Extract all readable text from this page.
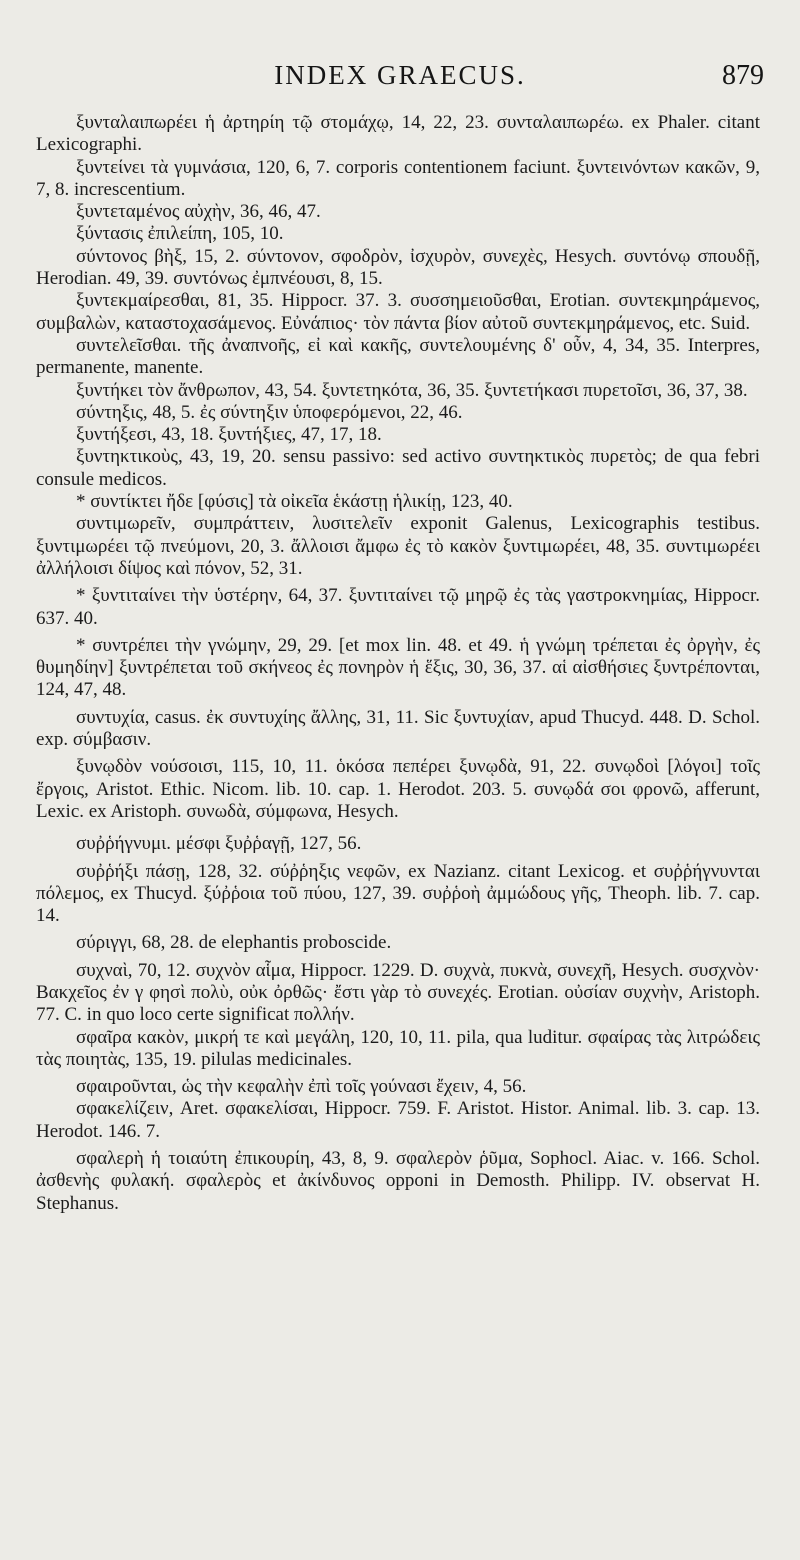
INDEX GRAECUS.	879

ξυνταλαιπωρέει ἡ ἀρτηρίη τῷ στομάχῳ, 14, 22, 23. συνταλαιπωρέω. ex Phaler. citant Lexicographi.

ξυντείνει τὰ γυμνάσια, 120, 6, 7. corporis contentionem faciunt. ξυντεινόντων κακῶν, 9, 7, 8. increscentium.

ξυντεταμένος αὐχὴν, 36, 46, 47.

ξύντασις ἐπιλείπη, 105, 10.

σύντονος βὴξ, 15, 2. σύντονον, σφοδρὸν, ἰσχυρὸν, συνεχὲς, Hesych. συντόνῳ σπουδῇ, Herodian. 49, 39. συντόνως ἐμπνέουσι, 8, 15.

ξυντεκμαίρεσθαι, 81, 35. Hippocr. 37. 3. συσσημειοῦσθαι, Erotian. συντεκμηράμενος, συμβαλὼν, καταστοχασάμενος. Εὐνάπιος· τὸν πάντα βίον αὐτοῦ συντεκμηράμενος, etc. Suid.

συντελεῖσθαι. τῆς ἀναπνοῆς, εἰ καὶ κακῆς, συντελουμένης δ' οὖν, 4, 34, 35. Interpres, permanente, manente.

ξυντήκει τὸν ἄνθρωπον, 43, 54. ξυντετηκότα, 36, 35. ξυντετήκασι πυρετοῖσι, 36, 37, 38.

σύντηξις, 48, 5. ἐς σύντηξιν ὑποφερόμενοι, 22, 46.

ξυντήξεσι, 43, 18. ξυντήξιες, 47, 17, 18.

ξυντηκτικοὺς, 43, 19, 20. sensu passivo: sed activo συντηκτικὸς πυρετὸς; de qua febri consule medicos.

* συντίκτει ἤδε [φύσις] τὰ οἰκεῖα ἑκάστῃ ἡλικίῃ, 123, 40.

συντιμωρεῖν, συμπράττειν, λυσιτελεῖν exponit Galenus, Lexicographis testibus. ξυντιμωρέει τῷ πνεύμονι, 20, 3. ἄλλοισι ἄμφω ἐς τὸ κακὸν ξυντιμωρέει, 48, 35. συντιμωρέει ἀλλήλοισι δίψος καὶ πόνον, 52, 31.

* ξυντιταίνει τὴν ὑστέρην, 64, 37. ξυντιταίνει τῷ μηρῷ ἐς τὰς γαστροκνημίας, Hippocr. 637. 40.

* συντρέπει τὴν γνώμην, 29, 29. [et mox lin. 48. et 49. ἡ γνώμη τρέπεται ἐς ὀργὴν, ἐς θυμηδίην] ξυντρέπεται τοῦ σκήνεος ἐς πονηρὸν ἡ ἕξις, 30, 36, 37. αἱ αἰσθήσιες ξυντρέπονται, 124, 47, 48.

συντυχία, casus. ἐκ συντυχίης ἄλλης, 31, 11. Sic ξυντυχίαν, apud Thucyd. 448. D. Schol. exp. σύμβασιν.

ξυνῳδὸν νούσοισι, 115, 10, 11. ὁκόσα πεπέρει ξυνῳδὰ, 91, 22. συνῳδοὶ [λόγοι] τοῖς ἔργοις, Aristot. Ethic. Nicom. lib. 10. cap. 1. Herodot. 203. 5. συνῳδά σοι φρονῶ, afferunt, Lexic. ex Aristoph. συνωδὰ, σύμφωνα, Hesych.

συῤῥήγνυμι. μέσφι ξυῤῥαγῇ, 127, 56.

συῤῥήξι πάσῃ, 128, 32. σύῤῥηξις νεφῶν, ex Nazianz. citant Lexicog. et συῤῥήγνυνται πόλεμος, ex Thucyd. ξύῤῥοια τοῦ πύου, 127, 39. συῤῥοὴ ἀμμώδους γῆς, Theoph. lib. 7. cap. 14.

σύριγγι, 68, 28. de elephantis proboscide.

συχναὶ, 70, 12. συχνὸν αἷμα, Hippocr. 1229. D. συχνὰ, πυκνὰ, συνεχῆ, Hesych. συσχνὸν· Βακχεῖος ἐν γ φησὶ πολὺ, οὐκ ὀρθῶς· ἔστι γὰρ τὸ συνεχές. Erotian. οὐσίαν συχνὴν, Aristoph. 77. C. in quo loco certe significat πολλήν.

σφαῖρα κακὸν, μικρή τε καὶ μεγάλη, 120, 10, 11. pila, qua luditur. σφαίρας τὰς λιτρώδεις τὰς ποιητὰς, 135, 19. pilulas medicinales.

σφαιροῦνται, ὡς τὴν κεφαλὴν ἐπὶ τοῖς γούνασι ἔχειν, 4, 56.

σφακελίζειν, Aret. σφακελίσαι, Hippocr. 759. F. Aristot. Histor. Animal. lib. 3. cap. 13. Herodot. 146. 7.

σφαλερὴ ἡ τοιαύτη ἐπικουρίη, 43, 8, 9. σφαλερὸν ῥῦμα, Sophocl. Aiac. v. 166. Schol. ἀσθενὴς φυλακή. σφαλερὸς et ἀκίνδυνος opponi in Demosth. Philipp. IV. observat H. Stephanus.
